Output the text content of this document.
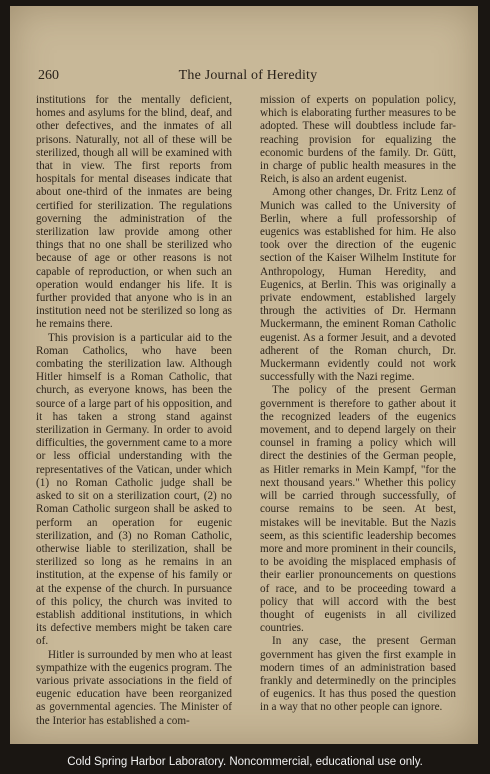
260	The Journal of Heredity

institutions for the mentally deficient, homes and asylums for the blind, deaf, and other defectives, and the inmates of all prisons. Naturally, not all of these will be sterilized, though all will be examined with that in view. The first reports from hospitals for mental diseases indicate that about one-third of the inmates are being certified for sterilization. The regulations governing the administration of the sterilization law provide among other things that no one shall be sterilized who because of age or other reasons is not capable of reproduction, or when such an operation would endanger his life. It is further provided that anyone who is in an institution need not be sterilized so long as he remains there.

This provision is a particular aid to the Roman Catholics, who have been combating the sterilization law. Although Hitler himself is a Roman Catholic, that church, as everyone knows, has been the source of a large part of his opposition, and it has taken a strong stand against sterilization in Germany. In order to avoid difficulties, the government came to a more or less official understanding with the representatives of the Vatican, under which (1) no Roman Catholic judge shall be asked to sit on a sterilization court, (2) no Roman Catholic surgeon shall be asked to perform an operation for eugenic sterilization, and (3) no Roman Catholic, otherwise liable to sterilization, shall be sterilized so long as he remains in an institution, at the expense of his family or at the expense of the church. In pursuance of this policy, the church was invited to establish additional institutions, in which its defective members might be taken care of.

Hitler is surrounded by men who at least sympathize with the eugenics program. The various private associations in the field of eugenic education have been reorganized as governmental agencies. The Minister of the Interior has established a com-

mission of experts on population policy, which is elaborating further measures to be adopted. These will doubtless include far-reaching provision for equalizing the economic burdens of the family. Dr. Gütt, in charge of public health measures in the Reich, is also an ardent eugenist.

Among other changes, Dr. Fritz Lenz of Munich was called to the University of Berlin, where a full professorship of eugenics was established for him. He also took over the direction of the eugenic section of the Kaiser Wilhelm Institute for Anthropology, Human Heredity, and Eugenics, at Berlin. This was originally a private endowment, established largely through the activities of Dr. Hermann Muckermann, the eminent Roman Catholic eugenist. As a former Jesuit, and a devoted adherent of the Roman church, Dr. Muckermann evidently could not work successfully with the Nazi regime.

The policy of the present German government is therefore to gather about it the recognized leaders of the eugenics movement, and to depend largely on their counsel in framing a policy which will direct the destinies of the German people, as Hitler remarks in Mein Kampf, "for the next thousand years." Whether this policy will be carried through successfully, of course remains to be seen. At best, mistakes will be inevitable. But the Nazis seem, as this scientific leadership becomes more and more prominent in their councils, to be avoiding the misplaced emphasis of their earlier pronouncements on questions of race, and to be proceeding toward a policy that will accord with the best thought of eugenists in all civilized countries.

In any case, the present German government has given the first example in modern times of an administration based frankly and determinedly on the principles of eugenics. It has thus posed the question in a way that no other people can ignore.

Cold Spring Harbor Laboratory. Noncommercial, educational use only.
